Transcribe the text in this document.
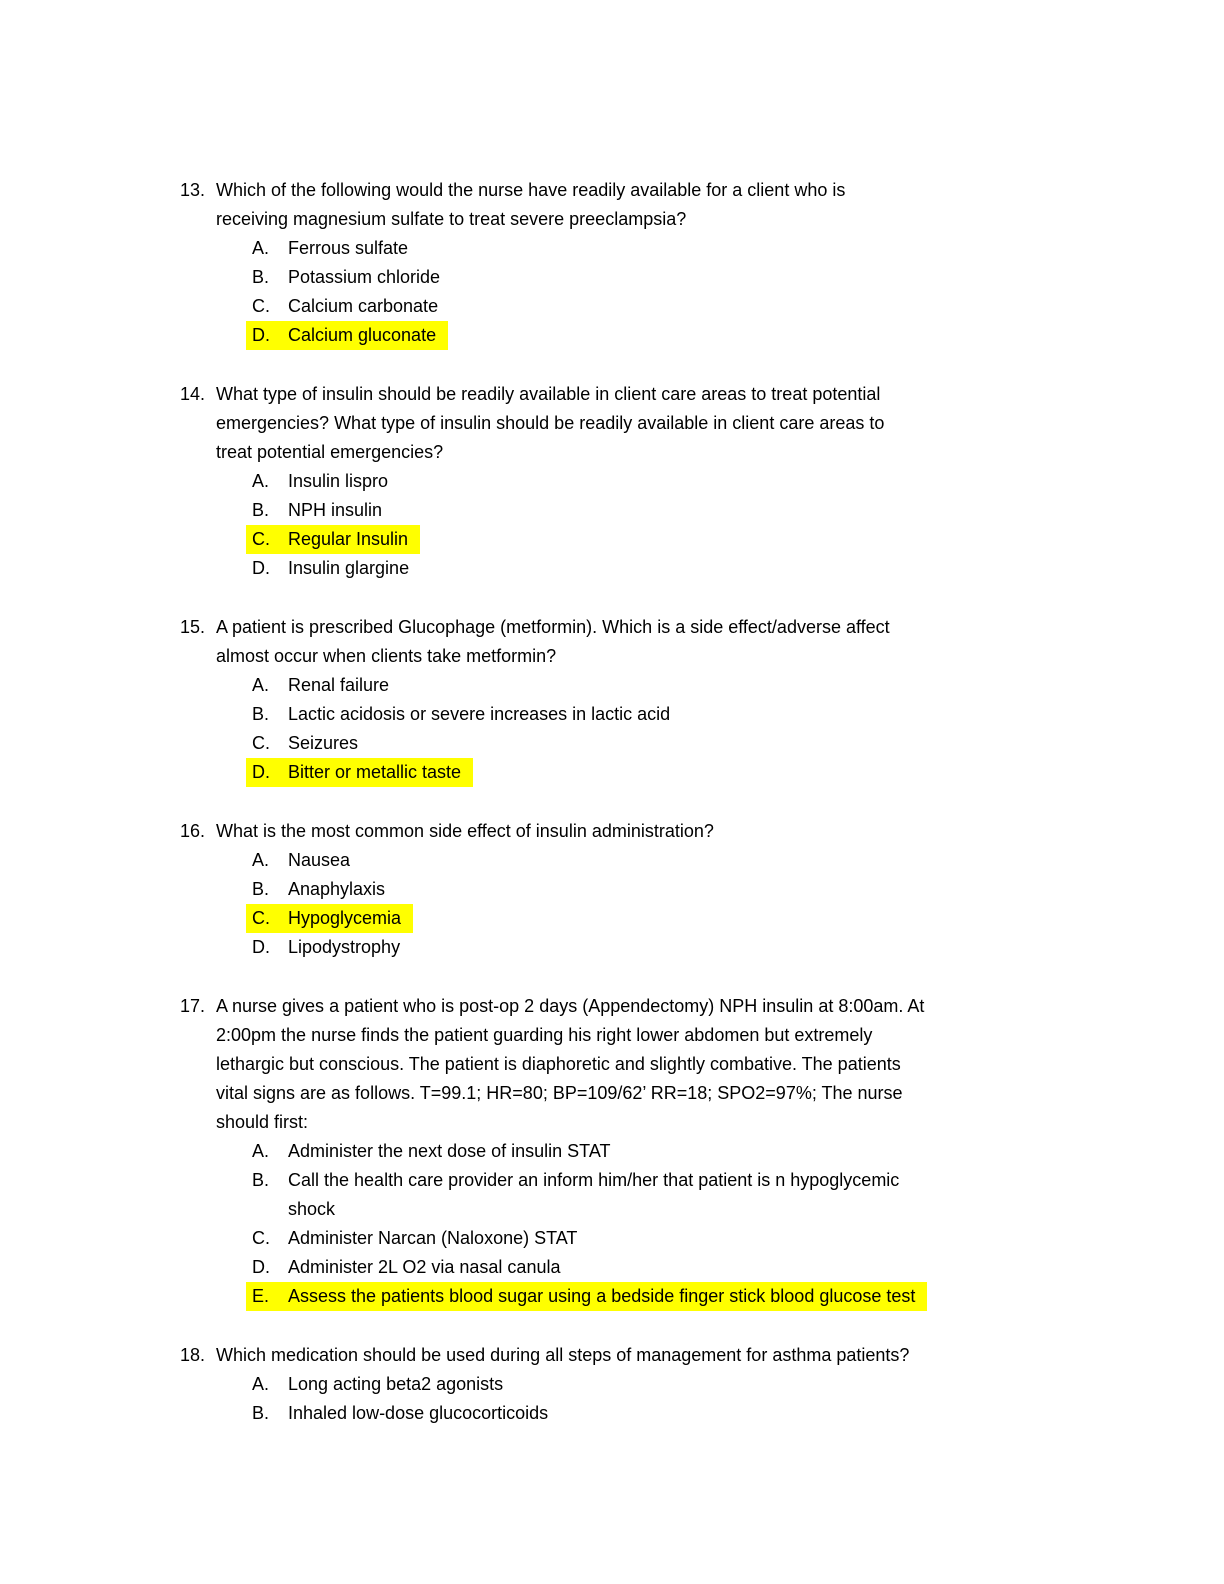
13. Which of the following would the nurse have readily available for a client who is
receiving magnesium sulfate to treat severe preeclampsia?
A.	Ferrous sulfate
B.	Potassium chloride
C.	Calcium carbonate
D.	Calcium gluconate
14. What type of insulin should be readily available in client care areas to treat potential
emergencies? What type of insulin should be readily available in client care areas to
treat potential emergencies?
A.	Insulin lispro
B.	NPH insulin
C.	Regular Insulin
D.	Insulin glargine
15. A patient is prescribed Glucophage (metformin). Which is a side effect/adverse affect
almost occur when clients take metformin?
A.	Renal failure
B.	Lactic acidosis or severe increases in lactic acid
C.	Seizures
D.	Bitter or metallic taste
16. What is the most common side effect of insulin administration?
A.	Nausea
B.	Anaphylaxis
C.	Hypoglycemia
D.	Lipodystrophy
17. A nurse gives a patient who is post-op 2 days (Appendectomy) NPH insulin at 8:00am. At
2:00pm the nurse finds the patient guarding his right lower abdomen but extremely
lethargic but conscious. The patient is diaphoretic and slightly combative. The patients
vital signs are as follows. T=99.1; HR=80; BP=109/62’ RR=18; SPO2=97%; The nurse
should first:
A.	Administer the next dose of insulin STAT
B.	Call the health care provider an inform him/her that patient is n hypoglycemic
shock
C.	Administer Narcan (Naloxone) STAT
D.	Administer 2L O2 via nasal canula
E.	Assess the patients blood sugar using a bedside finger stick blood glucose test
18. Which medication should be used during all steps of management for asthma patients?
A.	Long acting beta2 agonists
B.	Inhaled low-dose glucocorticoids
